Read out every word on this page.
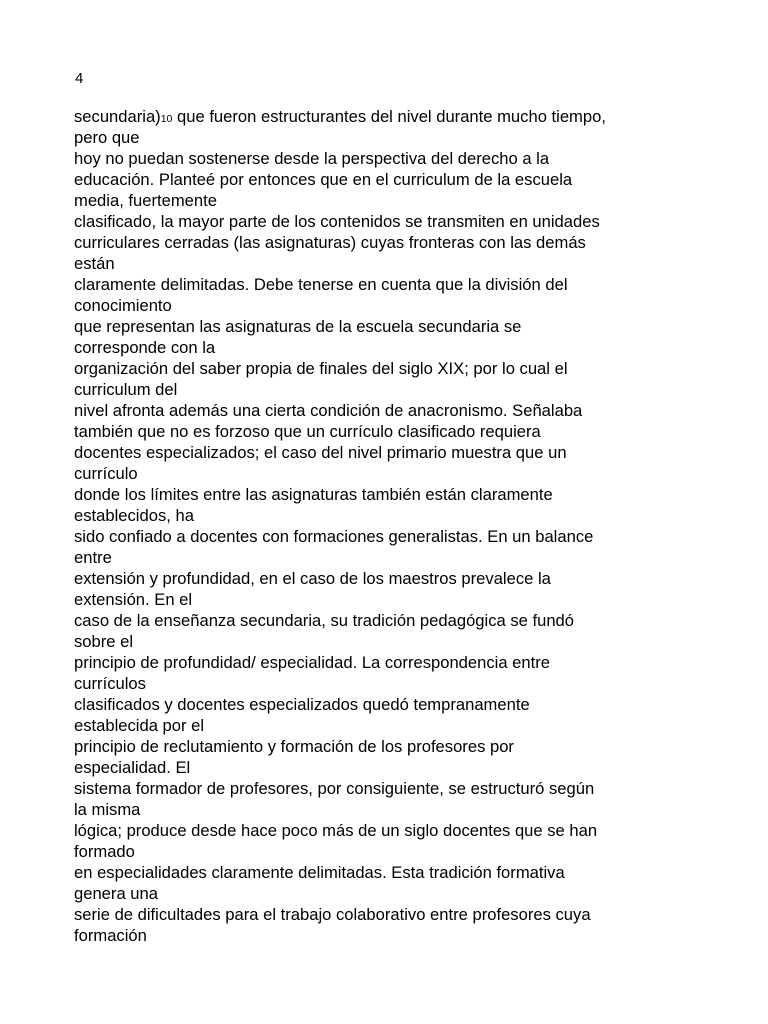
4
secundaria)10 que fueron estructurantes del nivel durante mucho tiempo,
pero que
hoy no puedan sostenerse desde la perspectiva del derecho a la
educación. Planteé por entonces que en el curriculum de la escuela
media, fuertemente
clasificado, la mayor parte de los contenidos se transmiten en unidades
curriculares cerradas (las asignaturas) cuyas fronteras con las demás
están
claramente delimitadas. Debe tenerse en cuenta que la división del
conocimiento
que representan las asignaturas de la escuela secundaria se
corresponde con la
organización del saber propia de finales del siglo XIX; por lo cual el
curriculum del
nivel afronta además una cierta condición de anacronismo. Señalaba
también que no es forzoso que un currículo clasificado requiera
docentes especializados; el caso del nivel primario muestra que un
currículo
donde los límites entre las asignaturas también están claramente
establecidos, ha
sido confiado a docentes con formaciones generalistas. En un balance
entre
extensión y profundidad, en el caso de los maestros prevalece la
extensión. En el
caso de la enseñanza secundaria, su tradición pedagógica se fundó
sobre el
principio de profundidad/ especialidad. La correspondencia entre
currículos
clasificados y docentes especializados quedó tempranamente
establecida por el
principio de reclutamiento y formación de los profesores por
especialidad. El
sistema formador de profesores, por consiguiente, se estructuró según
la misma
lógica; produce desde hace poco más de un siglo docentes que se han
formado
en especialidades claramente delimitadas. Esta tradición formativa
genera una
serie de dificultades para el trabajo colaborativo entre profesores cuya
formación
